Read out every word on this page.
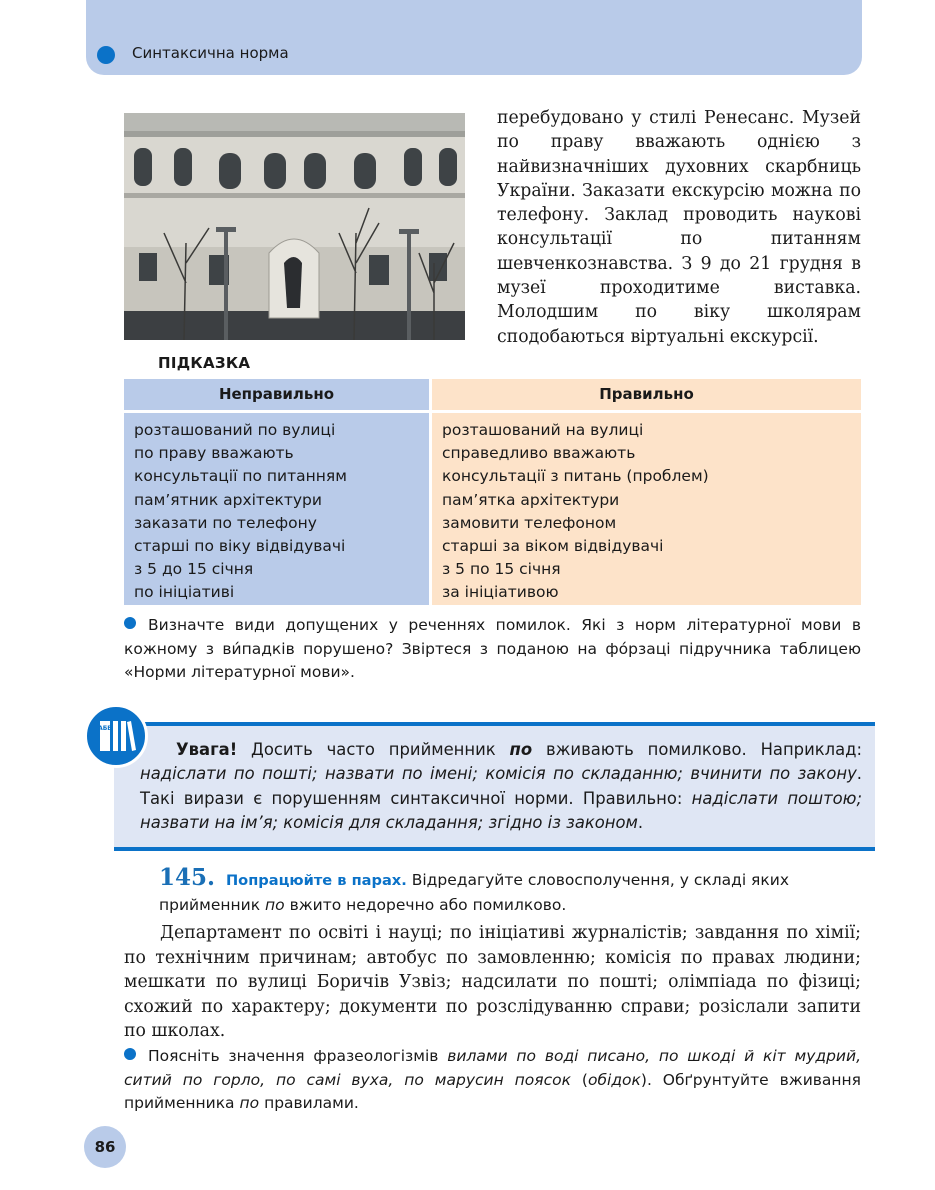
Синтаксична норма
перебудовано у стилі Ренесанс. Музей по праву вважають однією з найвизначніших духовних скарбниць України. Заказати екскурсію можна по телефону. Заклад проводить наукові консультації по питанням шевченкознавства. З 9 до 21 грудня в музеї проходитиме виставка. Молодшим по віку школярам сподобаються віртуальні екскурсії.
ПІДКАЗКА
Неправильно
розташований по вулиці
по праву вважають
консультації по питанням
пам’ятник архітектури
заказати по телефону
старші по віку відвідувачі
з 5 до 15 січня
по ініціативі
Правильно
розташований на вулиці
справедливо вважають
консультації з питань (проблем)
пам’ятка архітектури
замовити телефоном
старші за віком відвідувачі
з 5 по 15 січня
за ініціативою
Визначте види допущених у реченнях помилок. Які з норм літературної мови в кожному з ви́падків порушено? Звіртеся з поданою на фо́рзаці підручника таблицею «Норми літературної мови».
АБВ
Увага! Досить часто прийменник по вживають помилково. Наприклад: надіслати по пошті; назвати по імені; комісія по складанню; вчинити по закону. Такі вирази є порушенням синтаксичної норми. Правильно: надіслати поштою; назвати на ім’я; комісія для складання; згідно із законом.
145. Попрацюйте в парах. Відредагуйте словосполучення, у складі яких прийменник по вжито недоречно або помилково.
Департамент по освіті і науці; по ініціативі журналістів; завдання по хімії; по технічним причинам; автобус по замовленню; комісія по правах людини; мешкати по вулиці Боричів Узвіз; надсилати по пошті; олімпіада по фізиці; схожий по характеру; документи по розслідуванню справи; розіслали запити по школах.
Поясніть значення фразеологізмів вилами по воді писано, по шкоді й кіт мудрий, ситий по горло, по самі вуха, по марусин поясок (обідок). Обґрунтуйте вживання прийменника по правилами.
86
